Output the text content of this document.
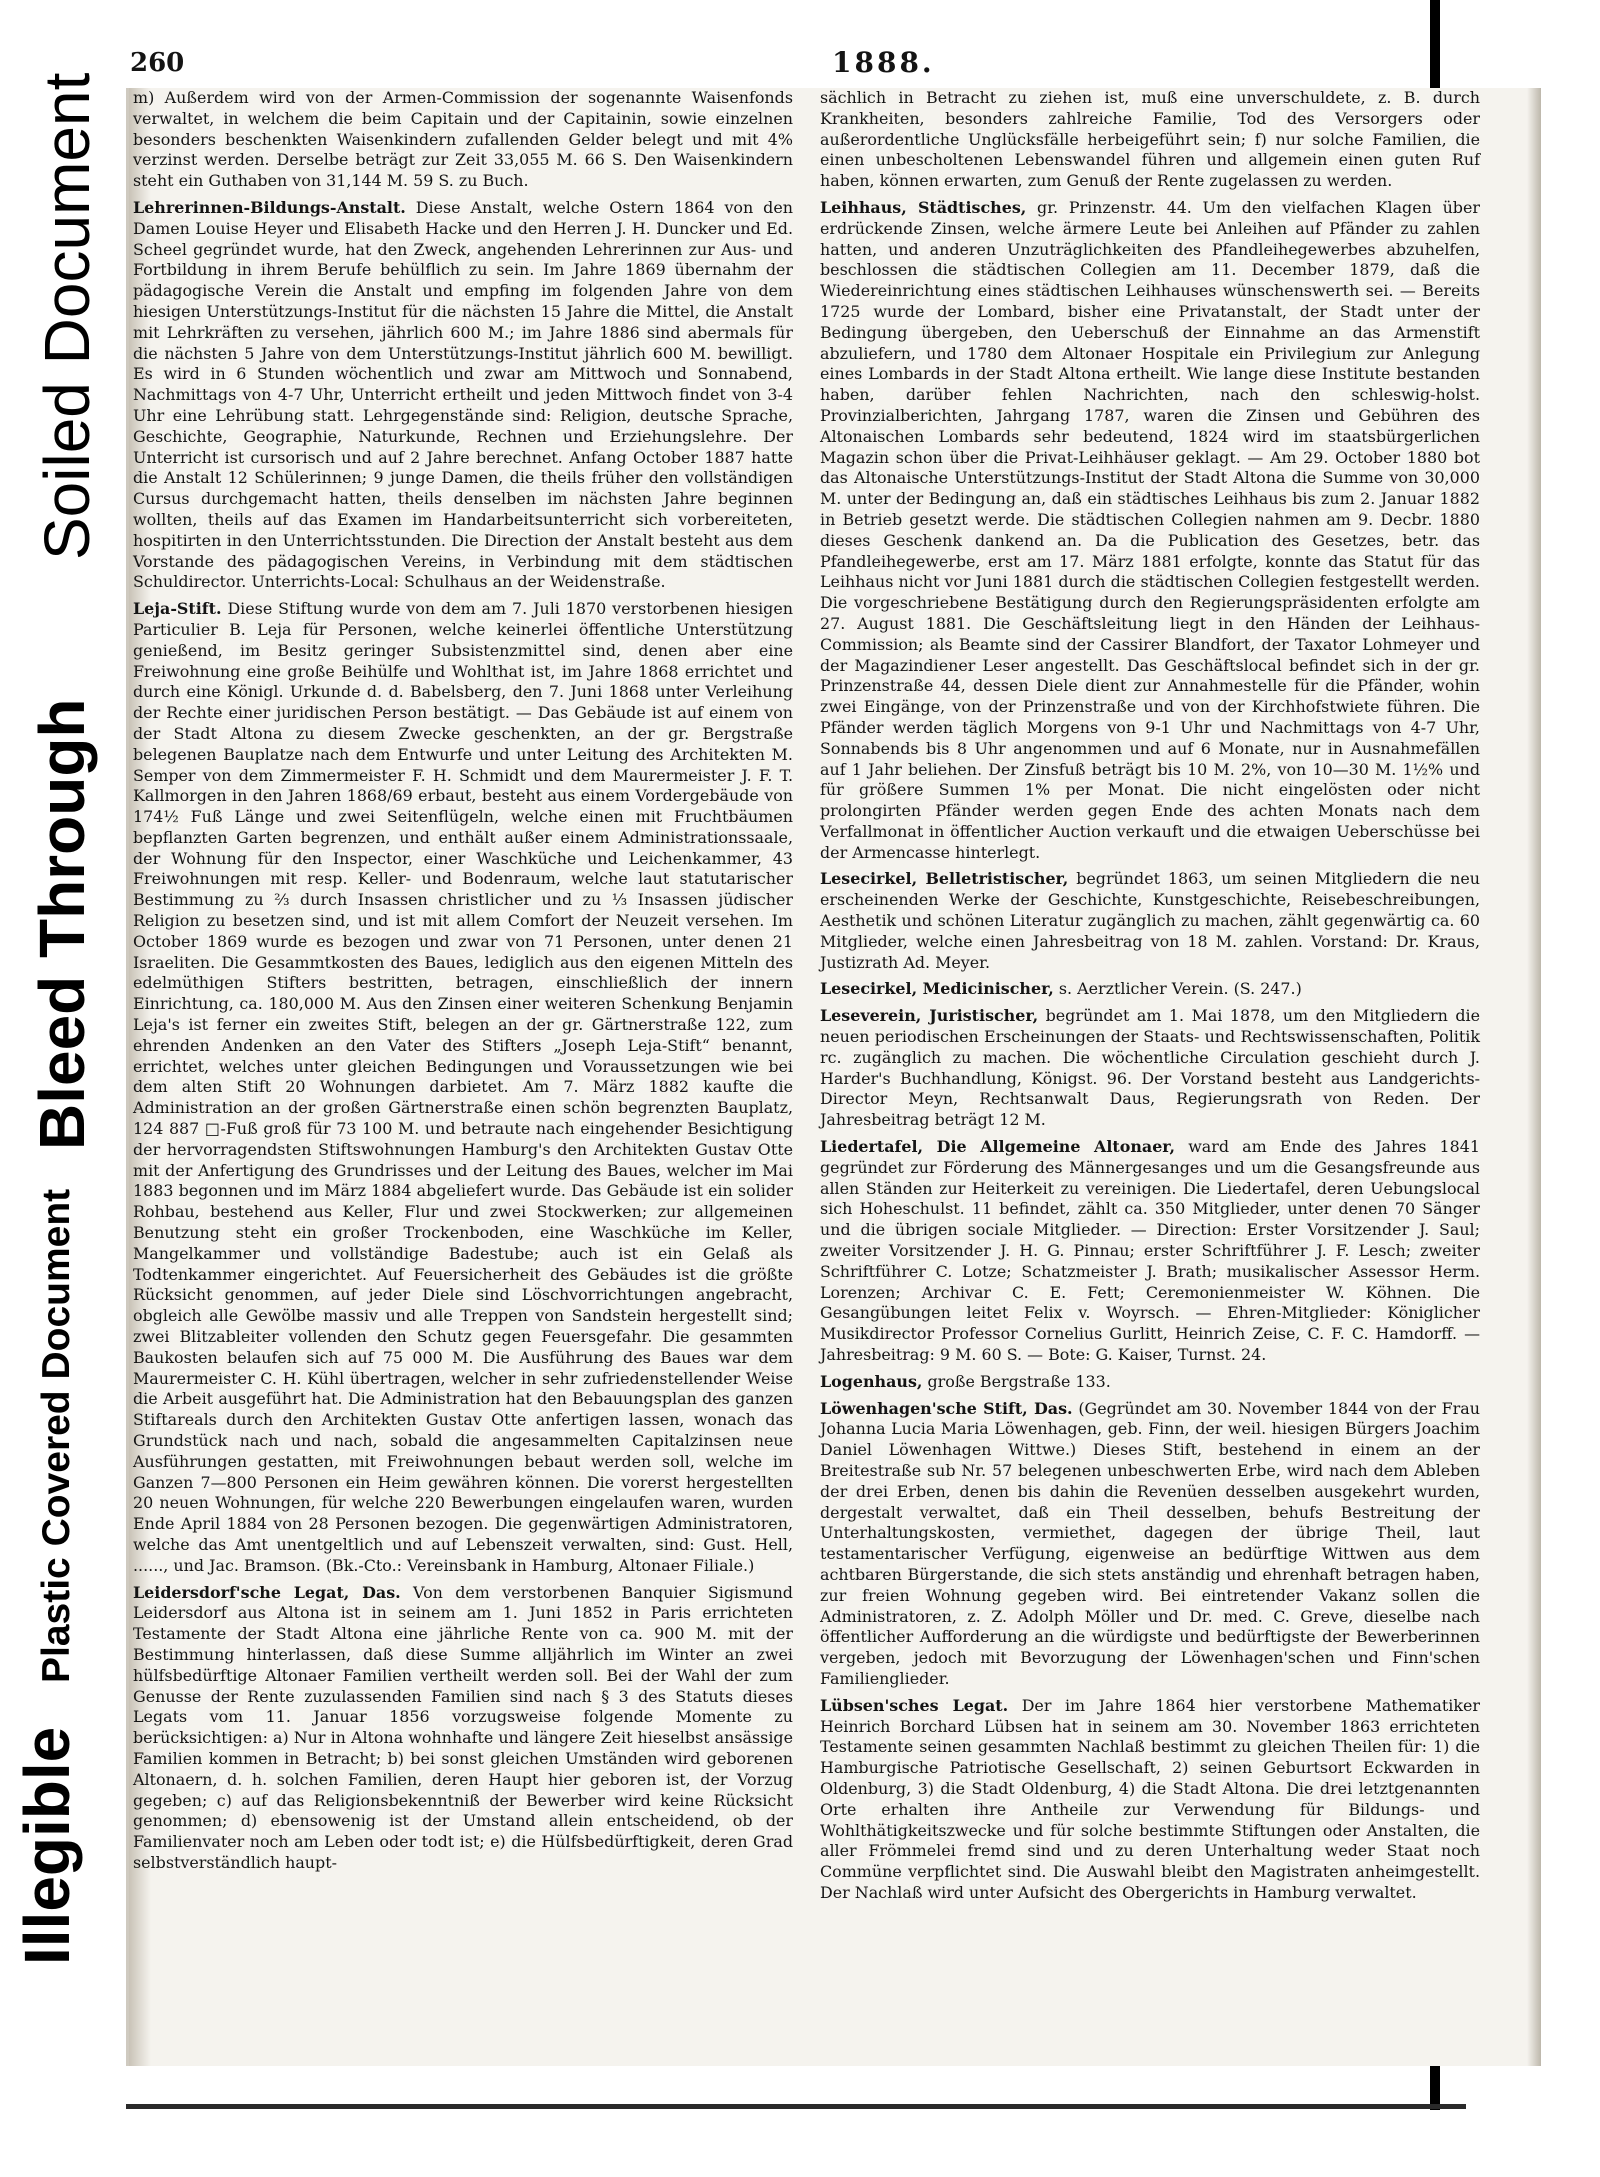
Soiled Document
Bleed Through
Plastic Covered Document
Illegible
260	1888.

m) Außerdem wird von der Armen-Commission der sogenannte Waisenfonds verwaltet, in welchem die beim Capitain und der Capitainin, sowie einzelnen besonders beschenkten Waisenkindern zufallenden Gelder belegt und mit 4% verzinst werden. Derselbe beträgt zur Zeit 33,055 M. 66 S. Den Waisenkindern steht ein Guthaben von 31,144 M. 59 S. zu Buch.

Lehrerinnen-Bildungs-Anstalt. Diese Anstalt, welche Ostern 1864 von den Damen Louise Heyer und Elisabeth Hacke und den Herren J. H. Duncker und Ed. Scheel gegründet wurde, hat den Zweck, angehenden Lehrerinnen zur Aus- und Fortbildung in ihrem Berufe behülflich zu sein. Im Jahre 1869 übernahm der pädagogische Verein die Anstalt und empfing im folgenden Jahre von dem hiesigen Unterstützungs-Institut für die nächsten 15 Jahre die Mittel, die Anstalt mit Lehrkräften zu versehen, jährlich 600 M.; im Jahre 1886 sind abermals für die nächsten 5 Jahre von dem Unterstützungs-Institut jährlich 600 M. bewilligt. Es wird in 6 Stunden wöchentlich und zwar am Mittwoch und Sonnabend, Nachmittags von 4-7 Uhr, Unterricht ertheilt und jeden Mittwoch findet von 3-4 Uhr eine Lehrübung statt. Lehrgegenstände sind: Religion, deutsche Sprache, Geschichte, Geographie, Naturkunde, Rechnen und Erziehungslehre. Der Unterricht ist cursorisch und auf 2 Jahre berechnet. Anfang October 1887 hatte die Anstalt 12 Schülerinnen; 9 junge Damen, die theils früher den vollständigen Cursus durchgemacht hatten, theils denselben im nächsten Jahre beginnen wollten, theils auf das Examen im Handarbeitsunterricht sich vorbereiteten, hospitirten in den Unterrichtsstunden. Die Direction der Anstalt besteht aus dem Vorstande des pädagogischen Vereins, in Verbindung mit dem städtischen Schuldirector. Unterrichts-Local: Schulhaus an der Weidenstraße.

Leja-Stift. Diese Stiftung wurde von dem am 7. Juli 1870 verstorbenen hiesigen Particulier B. Leja für Personen, welche keinerlei öffentliche Unterstützung genießend, im Besitz geringer Subsistenzmittel sind, denen aber eine Freiwohnung eine große Beihülfe und Wohlthat ist, im Jahre 1868 errichtet und durch eine Königl. Urkunde d. d. Babelsberg, den 7. Juni 1868 unter Verleihung der Rechte einer juridischen Person bestätigt. — Das Gebäude ist auf einem von der Stadt Altona zu diesem Zwecke geschenkten, an der gr. Bergstraße belegenen Bauplatze nach dem Entwurfe und unter Leitung des Architekten M. Semper von dem Zimmermeister F. H. Schmidt und dem Maurermeister J. F. T. Kallmorgen in den Jahren 1868/69 erbaut, besteht aus einem Vordergebäude von 174½ Fuß Länge und zwei Seitenflügeln, welche einen mit Fruchtbäumen bepflanzten Garten begrenzen, und enthält außer einem Administrationssaale, der Wohnung für den Inspector, einer Waschküche und Leichenkammer, 43 Freiwohnungen mit resp. Keller- und Bodenraum, welche laut statutarischer Bestimmung zu ⅔ durch Insassen christlicher und zu ⅓ Insassen jüdischer Religion zu besetzen sind, und ist mit allem Comfort der Neuzeit versehen. Im October 1869 wurde es bezogen und zwar von 71 Personen, unter denen 21 Israeliten. Die Gesammtkosten des Baues, lediglich aus den eigenen Mitteln des edelmüthigen Stifters bestritten, betragen, einschließlich der innern Einrichtung, ca. 180,000 M. Aus den Zinsen einer weiteren Schenkung Benjamin Leja's ist ferner ein zweites Stift, belegen an der gr. Gärtnerstraße 122, zum ehrenden Andenken an den Vater des Stifters „Joseph Leja-Stift“ benannt, errichtet, welches unter gleichen Bedingungen und Voraussetzungen wie bei dem alten Stift 20 Wohnungen darbietet. Am 7. März 1882 kaufte die Administration an der großen Gärtnerstraße einen schön begrenzten Bauplatz, 124 887 □-Fuß groß für 73 100 M. und betraute nach eingehender Besichtigung der hervorragendsten Stiftswohnungen Hamburg's den Architekten Gustav Otte mit der Anfertigung des Grundrisses und der Leitung des Baues, welcher im Mai 1883 begonnen und im März 1884 abgeliefert wurde. Das Gebäude ist ein solider Rohbau, bestehend aus Keller, Flur und zwei Stockwerken; zur allgemeinen Benutzung steht ein großer Trockenboden, eine Waschküche im Keller, Mangelkammer und vollständige Badestube; auch ist ein Gelaß als Todtenkammer eingerichtet. Auf Feuersicherheit des Gebäudes ist die größte Rücksicht genommen, auf jeder Diele sind Löschvorrichtungen angebracht, obgleich alle Gewölbe massiv und alle Treppen von Sandstein hergestellt sind; zwei Blitzableiter vollenden den Schutz gegen Feuersgefahr. Die gesammten Baukosten belaufen sich auf 75 000 M. Die Ausführung des Baues war dem Maurermeister C. H. Kühl übertragen, welcher in sehr zufriedenstellender Weise die Arbeit ausgeführt hat. Die Administration hat den Bebauungsplan des ganzen Stiftareals durch den Architekten Gustav Otte anfertigen lassen, wonach das Grundstück nach und nach, sobald die angesammelten Capitalzinsen neue Ausführungen gestatten, mit Freiwohnungen bebaut werden soll, welche im Ganzen 7—800 Personen ein Heim gewähren können. Die vorerst hergestellten 20 neuen Wohnungen, für welche 220 Bewerbungen eingelaufen waren, wurden Ende April 1884 von 28 Personen bezogen. Die gegenwärtigen Administratoren, welche das Amt unentgeltlich und auf Lebenszeit verwalten, sind: Gust. Hell, ......, und Jac. Bramson. (Bk.-Cto.: Vereinsbank in Hamburg, Altonaer Filiale.)

Leidersdorf'sche Legat, Das. Von dem verstorbenen Banquier Sigismund Leidersdorf aus Altona ist in seinem am 1. Juni 1852 in Paris errichteten Testamente der Stadt Altona eine jährliche Rente von ca. 900 M. mit der Bestimmung hinterlassen, daß diese Summe alljährlich im Winter an zwei hülfsbedürftige Altonaer Familien vertheilt werden soll. Bei der Wahl der zum Genusse der Rente zuzulassenden Familien sind nach § 3 des Statuts dieses Legats vom 11. Januar 1856 vorzugsweise folgende Momente zu berücksichtigen: a) Nur in Altona wohnhafte und längere Zeit hieselbst ansässige Familien kommen in Betracht; b) bei sonst gleichen Umständen wird geborenen Altonaern, d. h. solchen Familien, deren Haupt hier geboren ist, der Vorzug gegeben; c) auf das Religionsbekenntniß der Bewerber wird keine Rücksicht genommen; d) ebensowenig ist der Umstand allein entscheidend, ob der Familienvater noch am Leben oder todt ist; e) die Hülfsbedürftigkeit, deren Grad selbstverständlich haupt-

sächlich in Betracht zu ziehen ist, muß eine unverschuldete, z. B. durch Krankheiten, besonders zahlreiche Familie, Tod des Versorgers oder außerordentliche Unglücksfälle herbeigeführt sein; f) nur solche Familien, die einen unbescholtenen Lebenswandel führen und allgemein einen guten Ruf haben, können erwarten, zum Genuß der Rente zugelassen zu werden.

Leihhaus, Städtisches, gr. Prinzenstr. 44. Um den vielfachen Klagen über erdrückende Zinsen, welche ärmere Leute bei Anleihen auf Pfänder zu zahlen hatten, und anderen Unzuträglichkeiten des Pfandleihegewerbes abzuhelfen, beschlossen die städtischen Collegien am 11. December 1879, daß die Wiedereinrichtung eines städtischen Leihhauses wünschenswerth sei. — Bereits 1725 wurde der Lombard, bisher eine Privatanstalt, der Stadt unter der Bedingung übergeben, den Ueberschuß der Einnahme an das Armenstift abzuliefern, und 1780 dem Altonaer Hospitale ein Privilegium zur Anlegung eines Lombards in der Stadt Altona ertheilt. Wie lange diese Institute bestanden haben, darüber fehlen Nachrichten, nach den schleswig-holst. Provinzialberichten, Jahrgang 1787, waren die Zinsen und Gebühren des Altonaischen Lombards sehr bedeutend, 1824 wird im staatsbürgerlichen Magazin schon über die Privat-Leihhäuser geklagt. — Am 29. October 1880 bot das Altonaische Unterstützungs-Institut der Stadt Altona die Summe von 30,000 M. unter der Bedingung an, daß ein städtisches Leihhaus bis zum 2. Januar 1882 in Betrieb gesetzt werde. Die städtischen Collegien nahmen am 9. Decbr. 1880 dieses Geschenk dankend an. Da die Publication des Gesetzes, betr. das Pfandleihegewerbe, erst am 17. März 1881 erfolgte, konnte das Statut für das Leihhaus nicht vor Juni 1881 durch die städtischen Collegien festgestellt werden. Die vorgeschriebene Bestätigung durch den Regierungspräsidenten erfolgte am 27. August 1881. Die Geschäftsleitung liegt in den Händen der Leihhaus-Commission; als Beamte sind der Cassirer Blandfort, der Taxator Lohmeyer und der Magazindiener Leser angestellt. Das Geschäftslocal befindet sich in der gr. Prinzenstraße 44, dessen Diele dient zur Annahmestelle für die Pfänder, wohin zwei Eingänge, von der Prinzenstraße und von der Kirchhofstwiete führen. Die Pfänder werden täglich Morgens von 9-1 Uhr und Nachmittags von 4-7 Uhr, Sonnabends bis 8 Uhr angenommen und auf 6 Monate, nur in Ausnahmefällen auf 1 Jahr beliehen. Der Zinsfuß beträgt bis 10 M. 2%, von 10—30 M. 1½% und für größere Summen 1% per Monat. Die nicht eingelösten oder nicht prolongirten Pfänder werden gegen Ende des achten Monats nach dem Verfallmonat in öffentlicher Auction verkauft und die etwaigen Ueberschüsse bei der Armencasse hinterlegt.

Lesecirkel, Belletristischer, begründet 1863, um seinen Mitgliedern die neu erscheinenden Werke der Geschichte, Kunstgeschichte, Reisebeschreibungen, Aesthetik und schönen Literatur zugänglich zu machen, zählt gegenwärtig ca. 60 Mitglieder, welche einen Jahresbeitrag von 18 M. zahlen. Vorstand: Dr. Kraus, Justizrath Ad. Meyer.

Lesecirkel, Medicinischer, s. Aerztlicher Verein. (S. 247.)

Leseverein, Juristischer, begründet am 1. Mai 1878, um den Mitgliedern die neuen periodischen Erscheinungen der Staats- und Rechtswissenschaften, Politik rc. zugänglich zu machen. Die wöchentliche Circulation geschieht durch J. Harder's Buchhandlung, Königst. 96. Der Vorstand besteht aus Landgerichts-Director Meyn, Rechtsanwalt Daus, Regierungsrath von Reden. Der Jahresbeitrag beträgt 12 M.

Liedertafel, Die Allgemeine Altonaer, ward am Ende des Jahres 1841 gegründet zur Förderung des Männergesanges und um die Gesangsfreunde aus allen Ständen zur Heiterkeit zu vereinigen. Die Liedertafel, deren Uebungslocal sich Hoheschulst. 11 befindet, zählt ca. 350 Mitglieder, unter denen 70 Sänger und die übrigen sociale Mitglieder. — Direction: Erster Vorsitzender J. Saul; zweiter Vorsitzender J. H. G. Pinnau; erster Schriftführer J. F. Lesch; zweiter Schriftführer C. Lotze; Schatzmeister J. Brath; musikalischer Assessor Herm. Lorenzen; Archivar C. E. Fett; Ceremonienmeister W. Köhnen. Die Gesangübungen leitet Felix v. Woyrsch. — Ehren-Mitglieder: Königlicher Musikdirector Professor Cornelius Gurlitt, Heinrich Zeise, C. F. C. Hamdorff. — Jahresbeitrag: 9 M. 60 S. — Bote: G. Kaiser, Turnst. 24.

Logenhaus, große Bergstraße 133.

Löwenhagen'sche Stift, Das. (Gegründet am 30. November 1844 von der Frau Johanna Lucia Maria Löwenhagen, geb. Finn, der weil. hiesigen Bürgers Joachim Daniel Löwenhagen Wittwe.) Dieses Stift, bestehend in einem an der Breitestraße sub Nr. 57 belegenen unbeschwerten Erbe, wird nach dem Ableben der drei Erben, denen bis dahin die Revenüen desselben ausgekehrt wurden, dergestalt verwaltet, daß ein Theil desselben, behufs Bestreitung der Unterhaltungskosten, vermiethet, dagegen der übrige Theil, laut testamentarischer Verfügung, eigenweise an bedürftige Wittwen aus dem achtbaren Bürgerstande, die sich stets anständig und ehrenhaft betragen haben, zur freien Wohnung gegeben wird. Bei eintretender Vakanz sollen die Administratoren, z. Z. Adolph Möller und Dr. med. C. Greve, dieselbe nach öffentlicher Aufforderung an die würdigste und bedürftigste der Bewerberinnen vergeben, jedoch mit Bevorzugung der Löwenhagen'schen und Finn'schen Familienglieder.

Lübsen'sches Legat. Der im Jahre 1864 hier verstorbene Mathematiker Heinrich Borchard Lübsen hat in seinem am 30. November 1863 errichteten Testamente seinen gesammten Nachlaß bestimmt zu gleichen Theilen für: 1) die Hamburgische Patriotische Gesellschaft, 2) seinen Geburtsort Eckwarden in Oldenburg, 3) die Stadt Oldenburg, 4) die Stadt Altona. Die drei letztgenannten Orte erhalten ihre Antheile zur Verwendung für Bildungs- und Wohlthätigkeitszwecke und für solche bestimmte Stiftungen oder Anstalten, die aller Frömmelei fremd sind und zu deren Unterhaltung weder Staat noch Commüne verpflichtet sind. Die Auswahl bleibt den Magistraten anheimgestellt. Der Nachlaß wird unter Aufsicht des Obergerichts in Hamburg verwaltet.
